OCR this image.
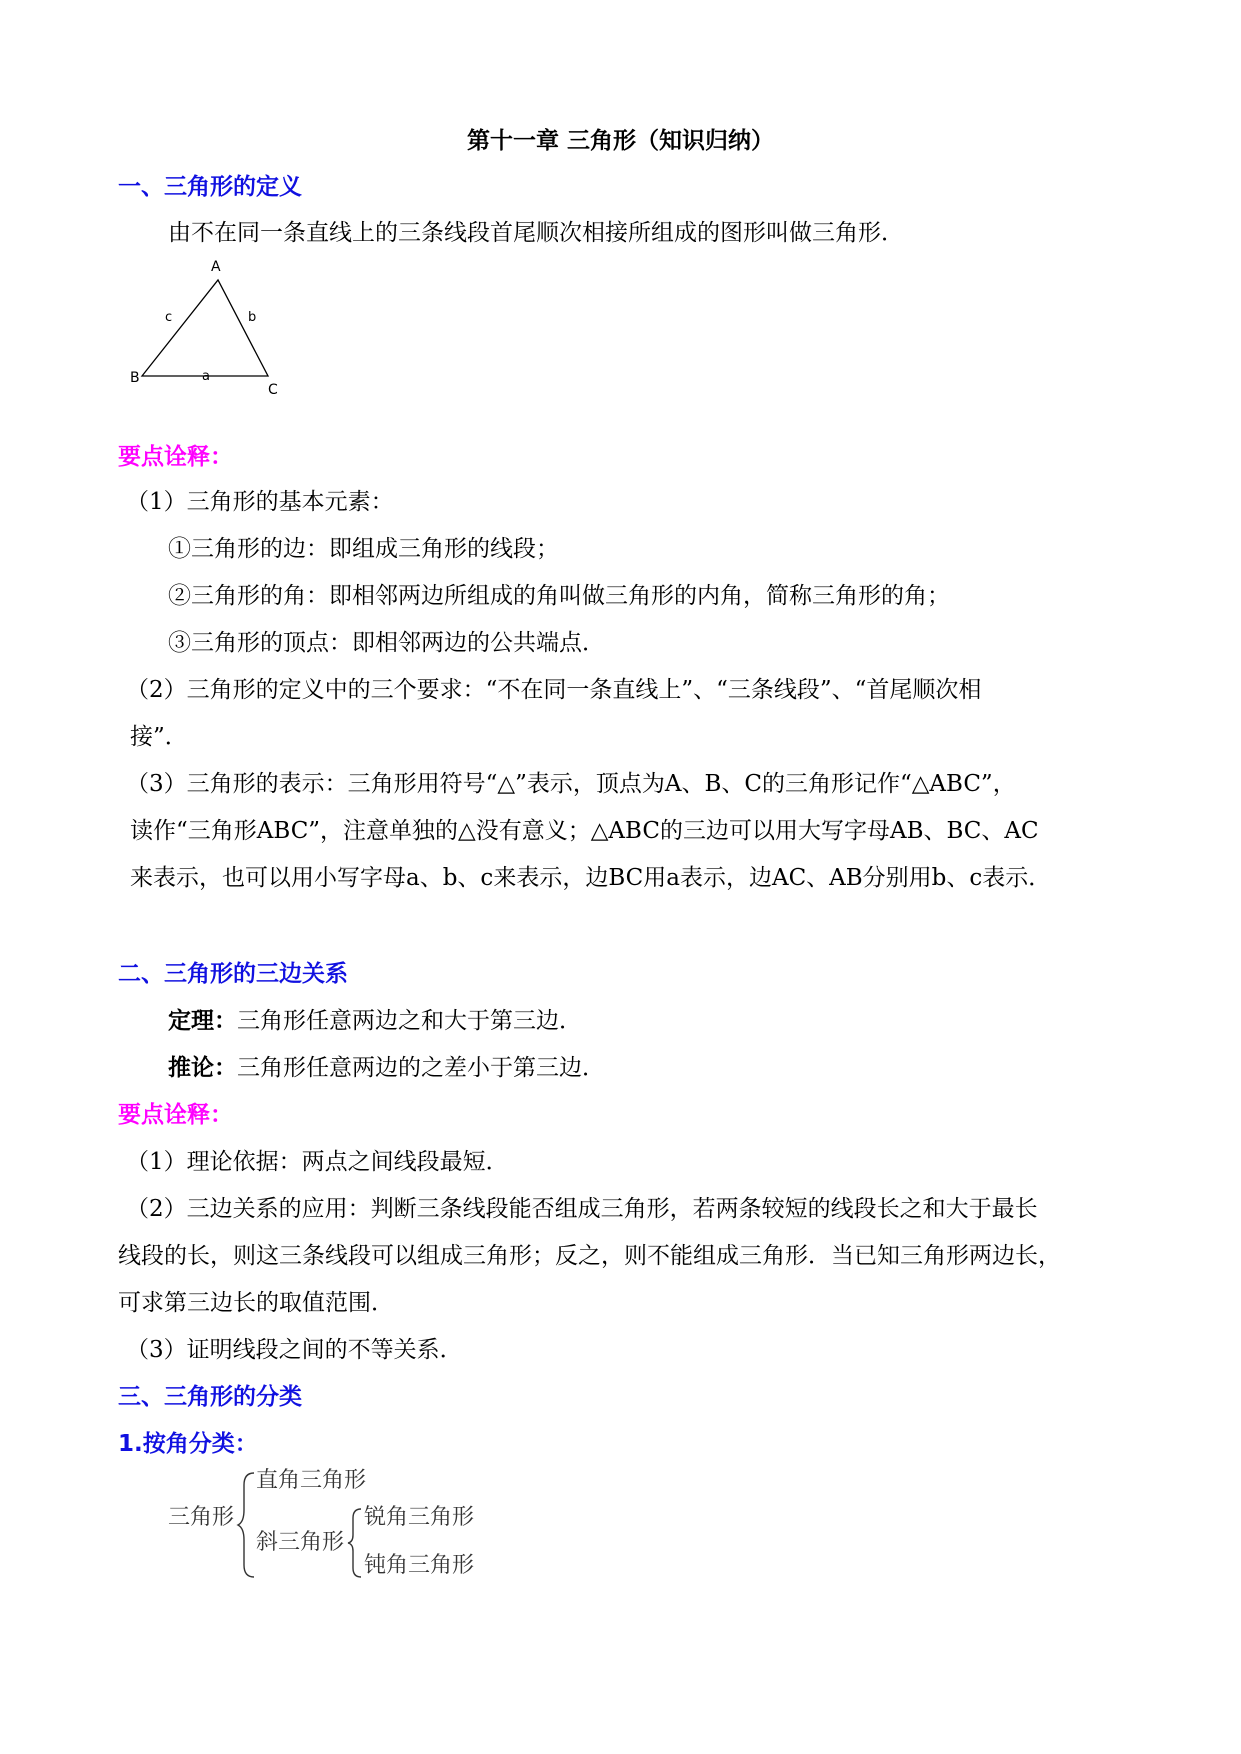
第十一章 三角形（知识归纳）
一、三角形的定义
由不在同一条直线上的三条线段首尾顺次相接所组成的图形叫做三角形．
A
B
C
a
b
c
要点诠释：
（1）三角形的基本元素：
①三角形的边：即组成三角形的线段；
②三角形的角：即相邻两边所组成的角叫做三角形的内角，简称三角形的角；
③三角形的顶点：即相邻两边的公共端点．
（2）三角形的定义中的三个要求：“不在同一条直线上”、“三条线段”、“首尾顺次相
接”．
（3）三角形的表示：三角形用符号“△”表示，顶点为A、B、C的三角形记作“△ABC”，
读作“三角形ABC”，注意单独的△没有意义；△ABC的三边可以用大写字母AB、BC、AC
来表示，也可以用小写字母a、b、c来表示，边BC用a表示，边AC、AB分别用b、c表示．
二、三角形的三边关系
定理：三角形任意两边之和大于第三边．
推论：三角形任意两边的之差小于第三边．
要点诠释：
（1）理论依据：两点之间线段最短．
（2）三边关系的应用：判断三条线段能否组成三角形，若两条较短的线段长之和大于最长
线段的长，则这三条线段可以组成三角形；反之，则不能组成三角形．当已知三角形两边长，
可求第三边长的取值范围．
（3）证明线段之间的不等关系．
三、三角形的分类
1.按角分类：
三角形
直角三角形
斜三角形
锐角三角形
钝角三角形
